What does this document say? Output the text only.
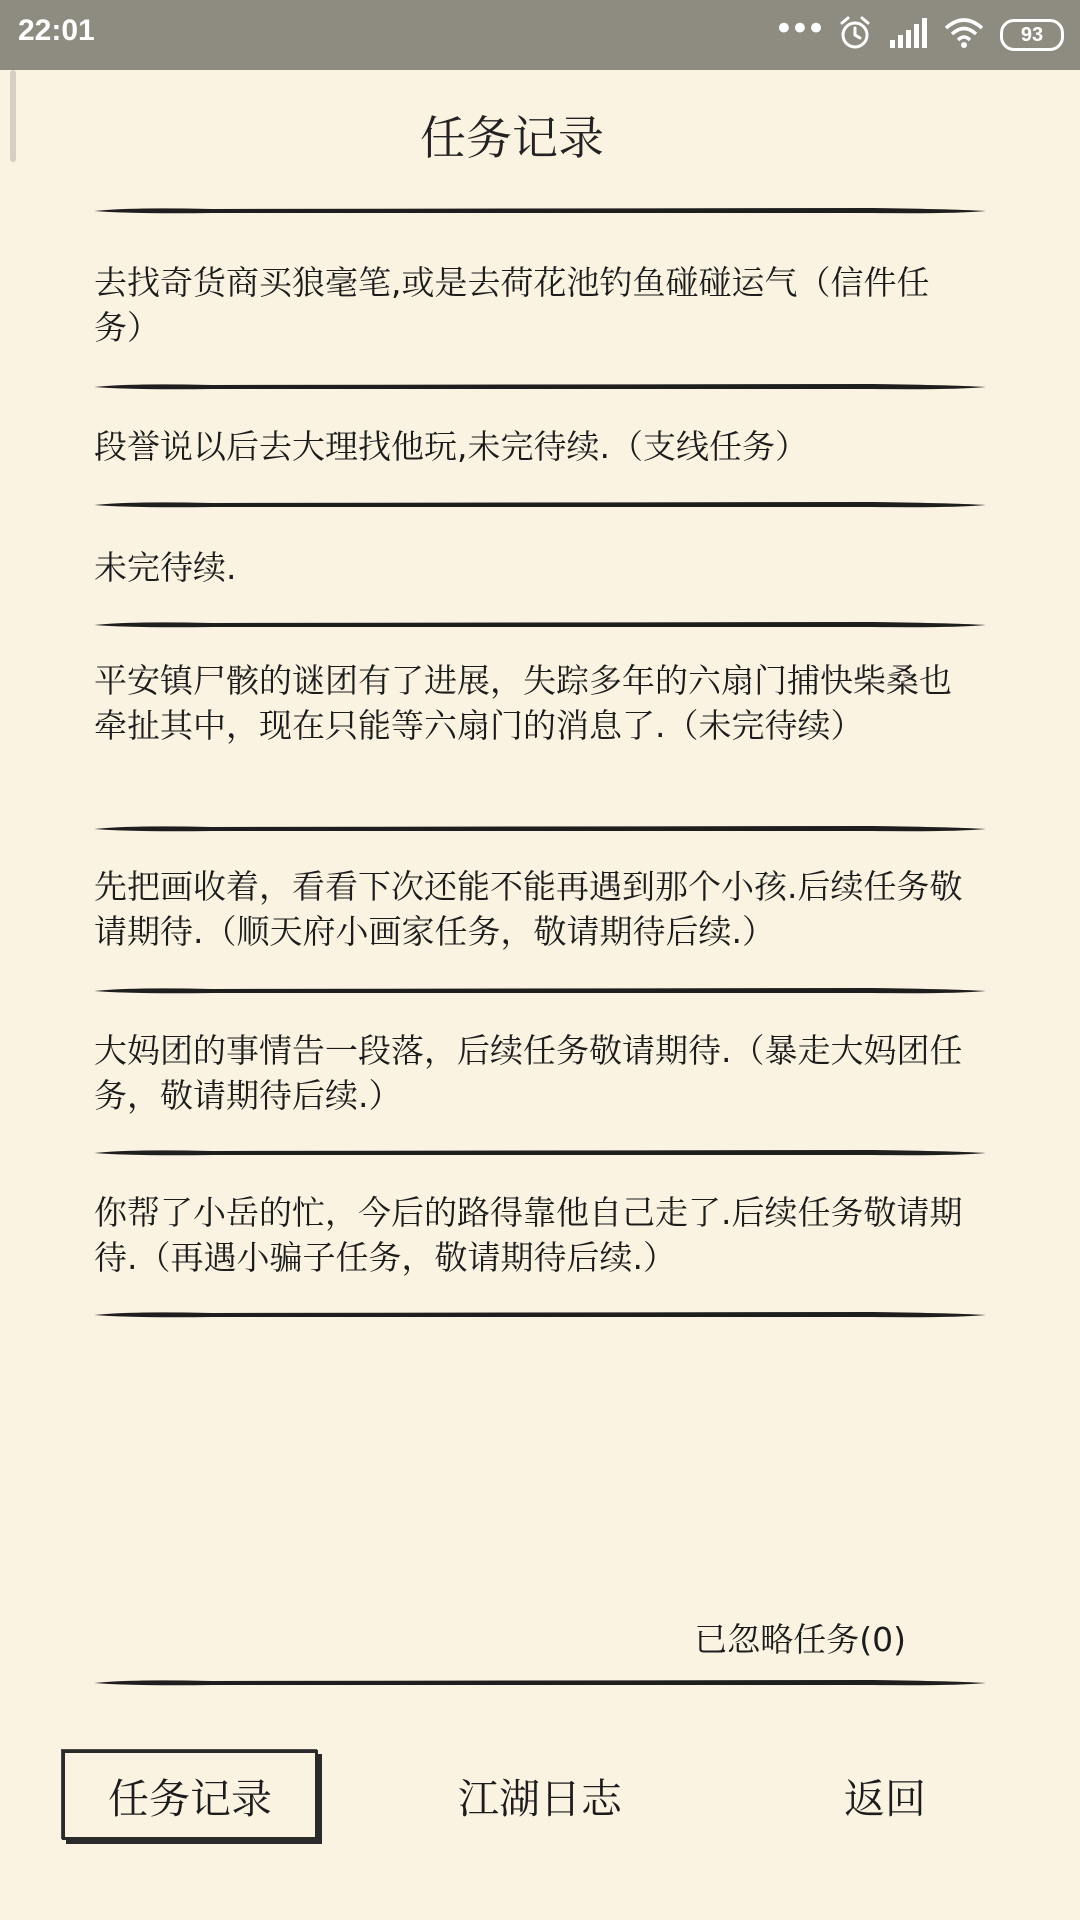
22:01	•••	93
任务记录
去找奇货商买狼毫笔,或是去荷花池钓鱼碰碰运气（信件任务）
段誉说以后去大理找他玩,未完待续.（支线任务）
未完待续.
平安镇尸骸的谜团有了进展，失踪多年的六扇门捕快柴桑也牵扯其中，现在只能等六扇门的消息了.（未完待续）
先把画收着，看看下次还能不能再遇到那个小孩.后续任务敬请期待.（顺天府小画家任务，敬请期待后续.）
大妈团的事情告一段落，后续任务敬请期待.（暴走大妈团任务，敬请期待后续.）
你帮了小岳的忙，今后的路得靠他自己走了.后续任务敬请期待.（再遇小骗子任务，敬请期待后续.）
已忽略任务(0)
任务记录	江湖日志	返回
